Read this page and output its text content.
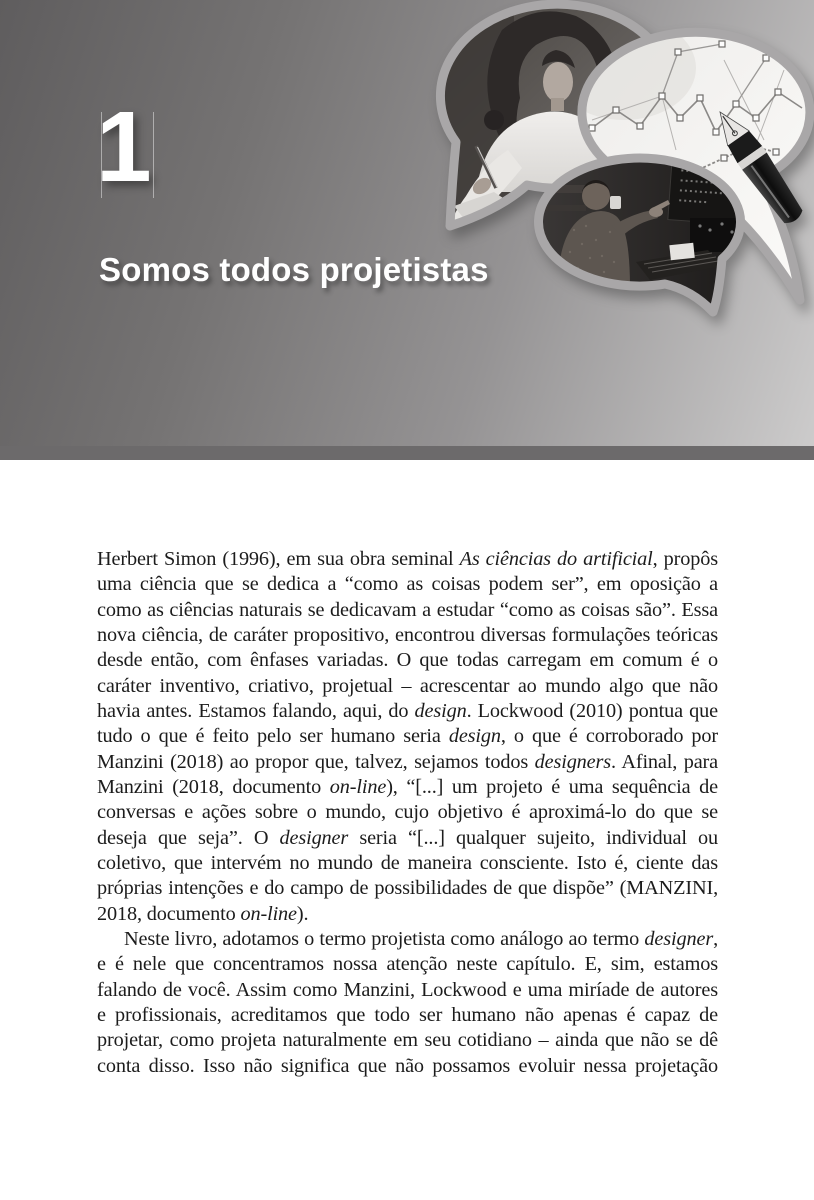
1
Somos todos projetistas

Herbert Simon (1996), em sua obra seminal As ciências do artificial, propôs uma ciência que se dedica a “como as coisas podem ser”, em oposição a como as ciências naturais se dedicavam a estudar “como as coisas são”. Essa nova ciência, de caráter propositivo, encontrou diversas formulações teóricas desde então, com ênfases variadas. O que todas carregam em comum é o caráter inventivo, criativo, projetual – acrescentar ao mundo algo que não havia antes. Estamos falando, aqui, do design. Lockwood (2010) pontua que tudo o que é feito pelo ser humano seria design, o que é corroborado por Manzini (2018) ao propor que, talvez, sejamos todos designers. Afinal, para Manzini (2018, documento on-line), “[...] um projeto é uma sequência de conversas e ações sobre o mundo, cujo objetivo é aproximá-lo do que se deseja que seja”. O designer seria “[...] qualquer sujeito, individual ou coletivo, que intervém no mundo de maneira consciente. Isto é, ciente das próprias intenções e do campo de possibilidades de que dispõe” (MANZINI, 2018, documento on-line).

Neste livro, adotamos o termo projetista como análogo ao termo designer, e é nele que concentramos nossa atenção neste capítulo. E, sim, estamos falando de você. Assim como Manzini, Lockwood e uma miríade de autores e profissionais, acreditamos que todo ser humano não apenas é capaz de projetar, como projeta naturalmente em seu cotidiano – ainda que não se dê conta disso. Isso não significa que não possamos evoluir nessa projetação
